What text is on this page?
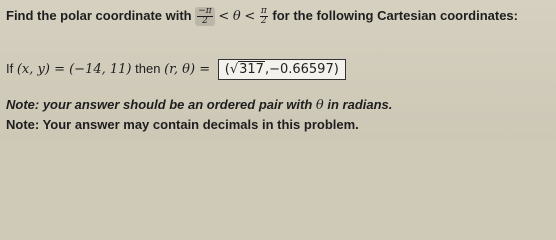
Find the polar coordinate with $\frac{-\pi}{2} < \theta < \frac{\pi}{2}$ for the following Cartesian coordinates:
If (x, y) = (−14, 11) then (r, θ) = (√317,−0.66597)
Note: your answer should be an ordered pair with θ in radians.
Note: Your answer may contain decimals in this problem.
